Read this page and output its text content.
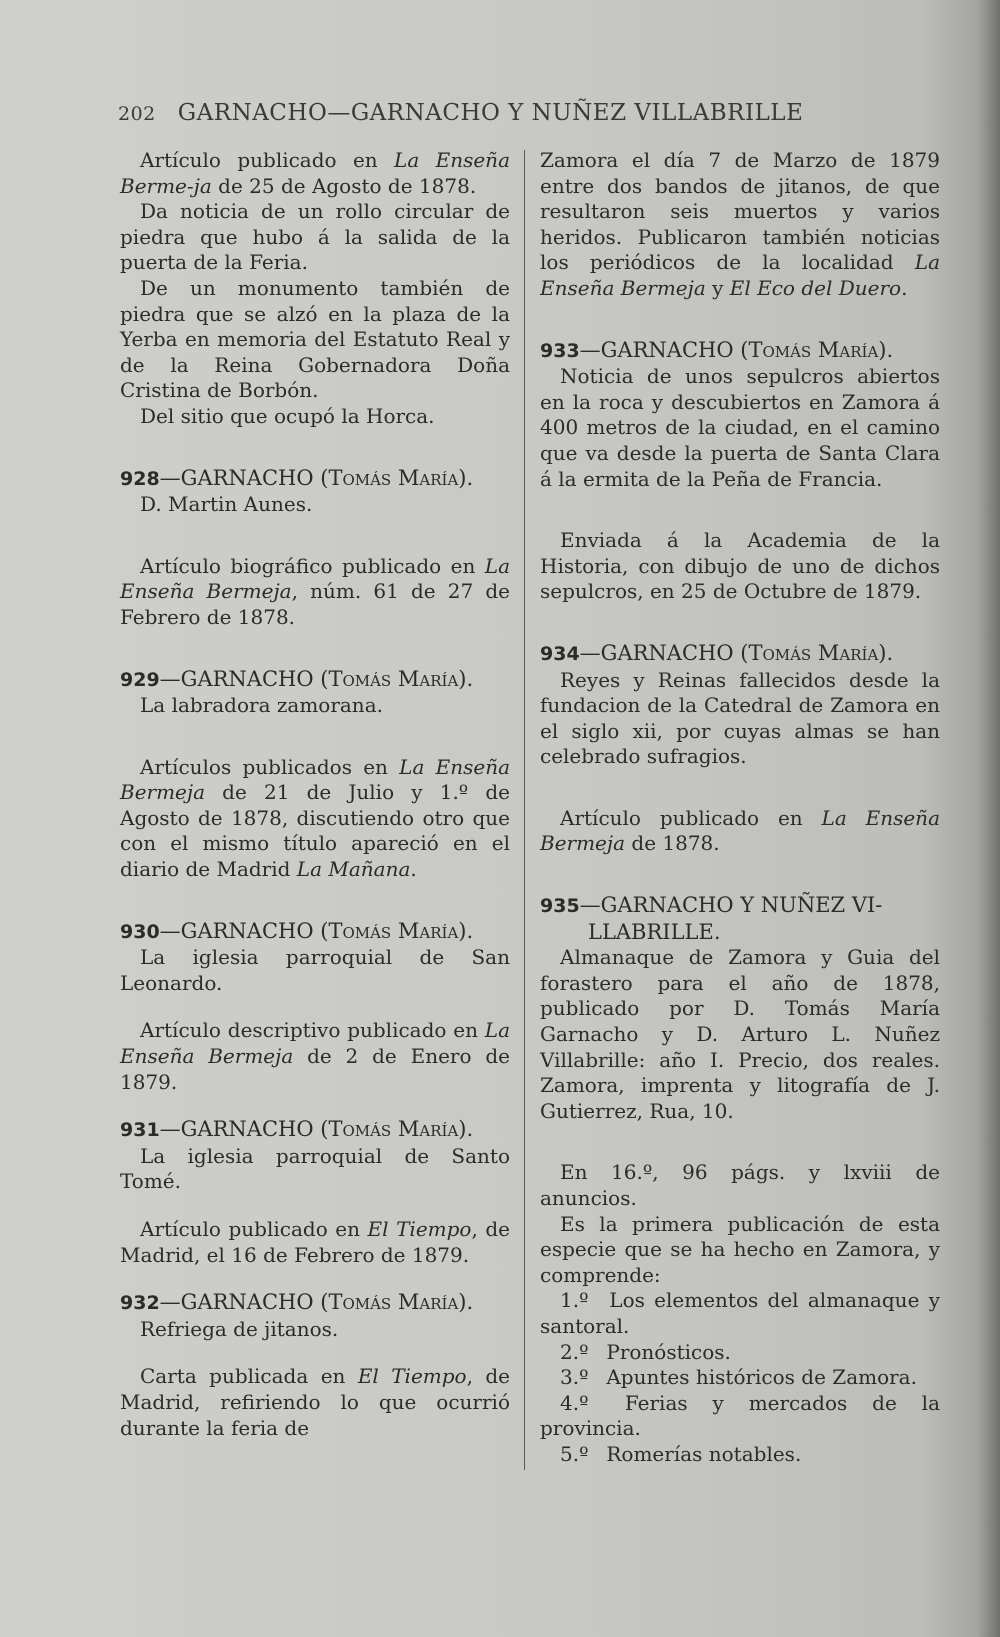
202 GARNACHO—GARNACHO Y NUÑEZ VILLABRILLE

Artículo publicado en La Enseña Berme-ja de 25 de Agosto de 1878.

Da noticia de un rollo circular de piedra que hubo á la salida de la puerta de la Feria.

De un monumento también de piedra que se alzó en la plaza de la Yerba en memoria del Estatuto Real y de la Reina Gobernadora Doña Cristina de Borbón.

Del sitio que ocupó la Horca.

928—GARNACHO (Tomás María).

D. Martin Aunes.

Artículo biográfico publicado en La Enseña Bermeja, núm. 61 de 27 de Febrero de 1878.

929—GARNACHO (Tomás María).

La labradora zamorana.

Artículos publicados en La Enseña Bermeja de 21 de Julio y 1.º de Agosto de 1878, discutiendo otro que con el mismo título apareció en el diario de Madrid La Mañana.

930—GARNACHO (Tomás María).

La iglesia parroquial de San Leonardo.

Artículo descriptivo publicado en La Enseña Bermeja de 2 de Enero de 1879.

931—GARNACHO (Tomás María).

La iglesia parroquial de Santo Tomé.

Artículo publicado en El Tiempo, de Madrid, el 16 de Febrero de 1879.

932—GARNACHO (Tomás María).

Refriega de jitanos.

Carta publicada en El Tiempo, de Madrid, refiriendo lo que ocurrió durante la feria de

Zamora el día 7 de Marzo de 1879 entre dos bandos de jitanos, de que resultaron seis muertos y varios heridos. Publicaron también noticias los periódicos de la localidad La Enseña Bermeja y El Eco del Duero.

933—GARNACHO (Tomás María).

Noticia de unos sepulcros abiertos en la roca y descubiertos en Zamora á 400 metros de la ciudad, en el camino que va desde la puerta de Santa Clara á la ermita de la Peña de Francia.

Enviada á la Academia de la Historia, con dibujo de uno de dichos sepulcros, en 25 de Octubre de 1879.

934—GARNACHO (Tomás María).

Reyes y Reinas fallecidos desde la fundacion de la Catedral de Zamora en el siglo xii, por cuyas almas se han celebrado sufragios.

Artículo publicado en La Enseña Bermeja de 1878.

935—GARNACHO Y NUÑEZ VI-

LLABRILLE.

Almanaque de Zamora y Guia del forastero para el año de 1878, publicado por D. Tomás María Garnacho y D. Arturo L. Nuñez Villabrille: año I. Precio, dos reales. Zamora, imprenta y litografía de J. Gutierrez, Rua, 10.

En 16.º, 96 págs. y lxviii de anuncios.

Es la primera publicación de esta especie que se ha hecho en Zamora, y comprende:

1.º Los elementos del almanaque y santoral.

2.º Pronósticos.

3.º Apuntes históricos de Zamora.

4.º Ferias y mercados de la provincia.

5.º Romerías notables.
